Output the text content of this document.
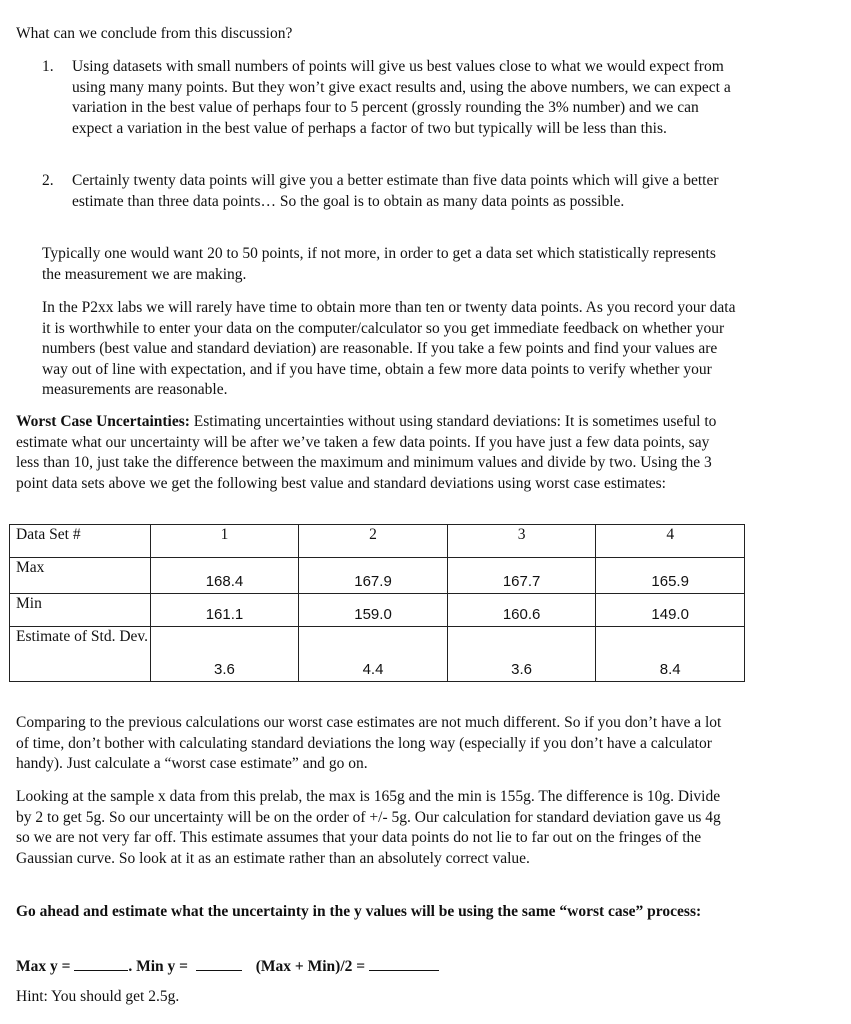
What can we conclude from this discussion?

1. Using datasets with small numbers of points will give us best values close to what we would expect from using many many points. But they won’t give exact results and, using the above numbers, we can expect a variation in the best value of perhaps four to 5 percent (grossly rounding the 3% number) and we can expect a variation in the best value of perhaps a factor of two but typically will be less than this.
2. Certainly twenty data points will give you a better estimate than five data points which will give a better estimate than three data points… So the goal is to obtain as many data points as possible.

Typically one would want 20 to 50 points, if not more, in order to get a data set which statistically represents the measurement we are making.

In the P2xx labs we will rarely have time to obtain more than ten or twenty data points. As you record your data it is worthwhile to enter your data on the computer/calculator so you get immediate feedback on whether your numbers (best value and standard deviation) are reasonable. If you take a few points and find your values are way out of line with expectation, and if you have time, obtain a few more data points to verify whether your measurements are reasonable.

Worst Case Uncertainties: Estimating uncertainties without using standard deviations: It is sometimes useful to estimate what our uncertainty will be after we’ve taken a few data points. If you have just a few data points, say less than 10, just take the difference between the maximum and minimum values and divide by two. Using the 3 point data sets above we get the following best value and standard deviations using worst case estimates:

Data Set #	1	2	3	4
Max	168.4	167.9	167.7	165.9
Min	161.1	159.0	160.6	149.0
Estimate of Std. Dev.	3.6	4.4	3.6	8.4

Comparing to the previous calculations our worst case estimates are not much different. So if you don’t have a lot of time, don’t bother with calculating standard deviations the long way (especially if you don’t have a calculator handy). Just calculate a “worst case estimate” and go on.

Looking at the sample x data from this prelab, the max is 165g and the min is 155g. The difference is 10g. Divide by 2 to get 5g. So our uncertainty will be on the order of +/- 5g. Our calculation for standard deviation gave us 4g so we are not very far off. This estimate assumes that your data points do not lie to far out on the fringes of the Gaussian curve. So look at it as an estimate rather than an absolutely correct value.

Go ahead and estimate what the uncertainty in the y values will be using the same “worst case” process:

Max y =	. Min y =	(Max + Min)/2 =

Hint: You should get 2.5g.
